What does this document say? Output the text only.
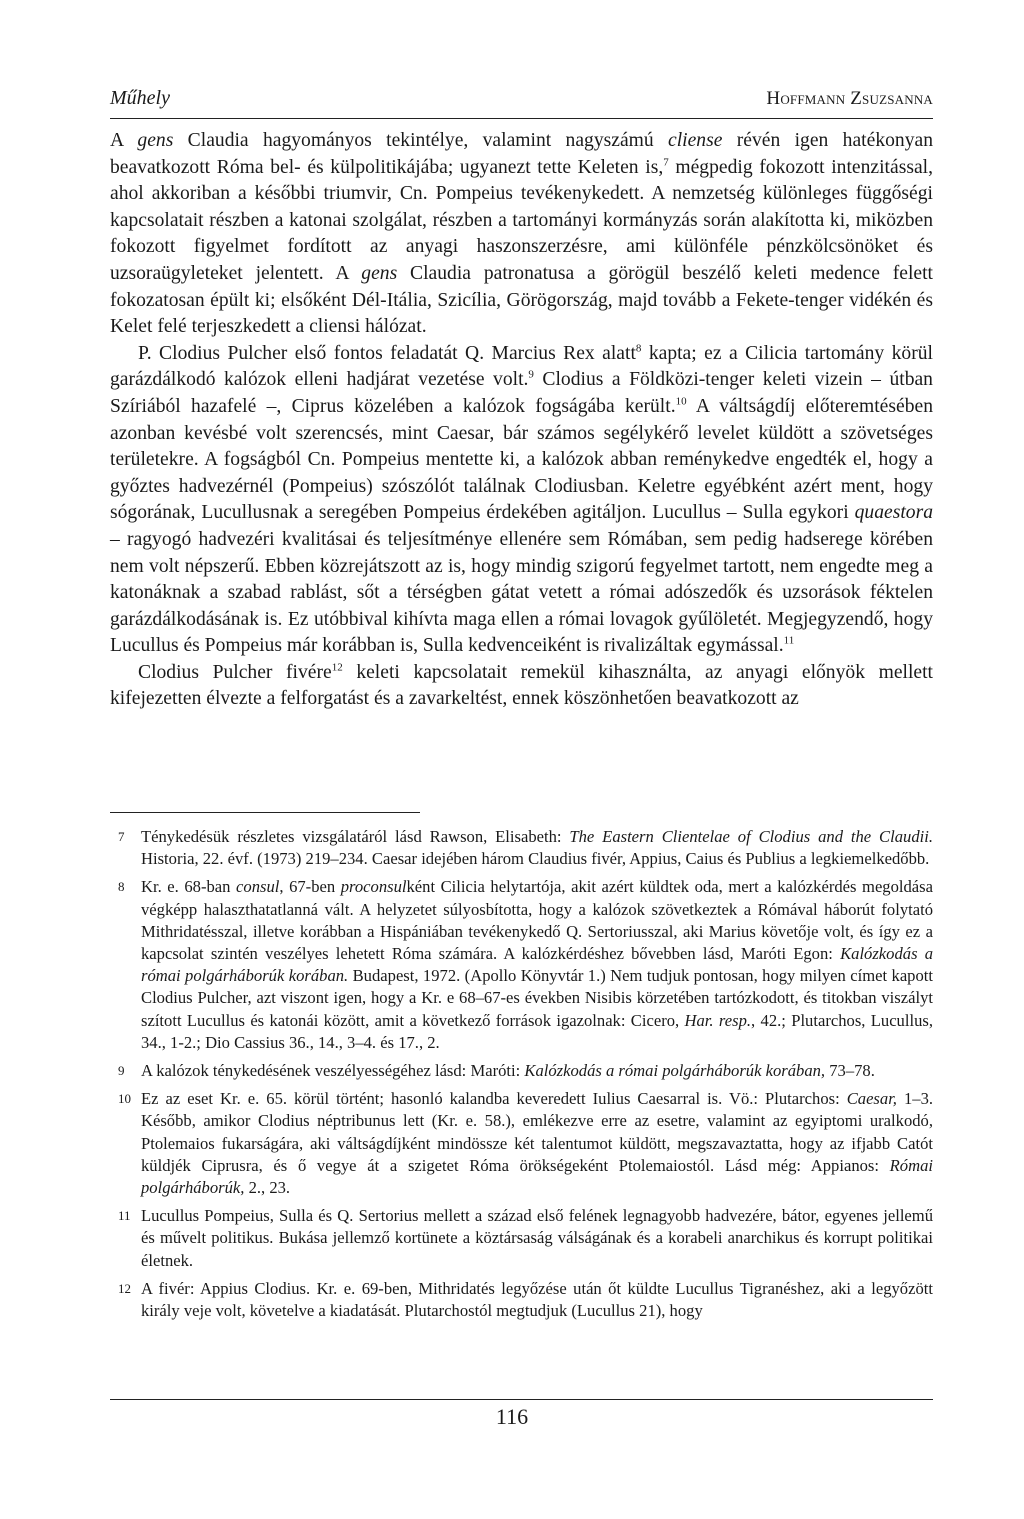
Műhely	Hoffmann Zsuzsanna

A gens Claudia hagyományos tekintélye, valamint nagyszámú cliense révén igen hatékonyan beavatkozott Róma bel- és külpolitikájába; ugyanezt tette Keleten is,$^7$ mégpedig fokozott intenzitással, ahol akkoriban a későbbi triumvir, Cn. Pompeius tevékenykedett. A nemzetség különleges függőségi kapcsolatait részben a katonai szolgálat, részben a tartományi kormányzás során alakította ki, miközben fokozott figyelmet fordított az anyagi haszonszerzésre, ami különféle pénzkölcsönöket és uzsoraügyleteket jelentett. A gens Claudia patronatusa a görögül beszélő keleti medence felett fokozatosan épült ki; elsőként Dél-Itália, Szicília, Görögország, majd tovább a Fekete-tenger vidékén és Kelet felé terjeszkedett a cliensi hálózat.

P. Clodius Pulcher első fontos feladatát Q. Marcius Rex alatt$^8$ kapta; ez a Cilicia tartomány körül garázdálkodó kalózok elleni hadjárat vezetése volt.$^9$ Clodius a Földközi-tenger keleti vizein – útban Szíriából hazafelé –, Ciprus közelében a kalózok fogságába került.$^{10}$ A váltságdíj előteremtésében azonban kevésbé volt szerencsés, mint Caesar, bár számos segélykérő levelet küldött a szövetséges területekre. A fogságból Cn. Pompeius mentette ki, a kalózok abban reménykedve engedték el, hogy a győztes hadvezérnél (Pompeius) szószólót találnak Clodiusban. Keletre egyébként azért ment, hogy sógorának, Lucullusnak a seregében Pompeius érdekében agitáljon. Lucullus – Sulla egykori quaestora – ragyogó hadvezéri kvalitásai és teljesítménye ellenére sem Rómában, sem pedig hadserege körében nem volt népszerű. Ebben közrejátszott az is, hogy mindig szigorú fegyelmet tartott, nem engedte meg a katonáknak a szabad rablást, sőt a térségben gátat vetett a római adószedők és uzsorások féktelen garázdálkodásának is. Ez utóbbival kihívta maga ellen a római lovagok gyűlöletét. Megjegyzendő, hogy Lucullus és Pompeius már korábban is, Sulla kedvenceiként is rivalizáltak egymással.$^{11}$

Clodius Pulcher fivére$^{12}$ keleti kapcsolatait remekül kihasználta, az anyagi előnyök mellett kifejezetten élvezte a felforgatást és a zavarkeltést, ennek köszönhetően beavatkozott az

7 Ténykedésük részletes vizsgálatáról lásd Rawson, Elisabeth: The Eastern Clientelae of Clodius and the Claudii. Historia, 22. évf. (1973) 219–234. Caesar idejében három Claudius fivér, Appius, Caius és Publius a legkiemelkedőbb.
8 Kr. e. 68-ban consul, 67-ben proconsulként Cilicia helytartója, akit azért küldtek oda, mert a kalózkérdés megoldása végképp halaszthatatlanná vált. A helyzetet súlyosbította, hogy a kalózok szövetkeztek a Rómával háborút folytató Mithridatésszal, illetve korábban a Hispániában tevékenykedő Q. Sertoriusszal, aki Marius követője volt, és így ez a kapcsolat szintén veszélyes lehetett Róma számára. A kalózkérdéshez bővebben lásd, Maróti Egon: Kalózkodás a római polgárháborúk korában. Budapest, 1972. (Apollo Könyvtár 1.) Nem tudjuk pontosan, hogy milyen címet kapott Clodius Pulcher, azt viszont igen, hogy a Kr. e 68–67-es években Nisibis körzetében tartózkodott, és titokban viszályt szított Lucullus és katonái között, amit a következő források igazolnak: Cicero, Har. resp., 42.; Plutarchos, Lucullus, 34., 1-2.; Dio Cassius 36., 14., 3–4. és 17., 2.
9 A kalózok ténykedésének veszélyességéhez lásd: Maróti: Kalózkodás a római polgárháborúk korában, 73–78.
10 Ez az eset Kr. e. 65. körül történt; hasonló kalandba keveredett Iulius Caesarral is. Vö.: Plutarchos: Caesar, 1–3. Később, amikor Clodius néptribunus lett (Kr. e. 58.), emlékezve erre az esetre, valamint az egyiptomi uralkodó, Ptolemaios fukarságára, aki váltságdíjként mindössze két talentumot küldött, megszavaztatta, hogy az ifjabb Catót küldjék Ciprusra, és ő vegye át a szigetet Róma örökségeként Ptolemaiostól. Lásd még: Appianos: Római polgárháborúk, 2., 23.
11 Lucullus Pompeius, Sulla és Q. Sertorius mellett a század első felének legnagyobb hadvezére, bátor, egyenes jellemű és művelt politikus. Bukása jellemző kortünete a köztársaság válságának és a korabeli anarchikus és korrupt politikai életnek.
12 A fivér: Appius Clodius. Kr. e. 69-ben, Mithridatés legyőzése után őt küldte Lucullus Tigranéshez, aki a legyőzött király veje volt, követelve a kiadatását. Plutarchostól megtudjuk (Lucullus 21), hogy
116
